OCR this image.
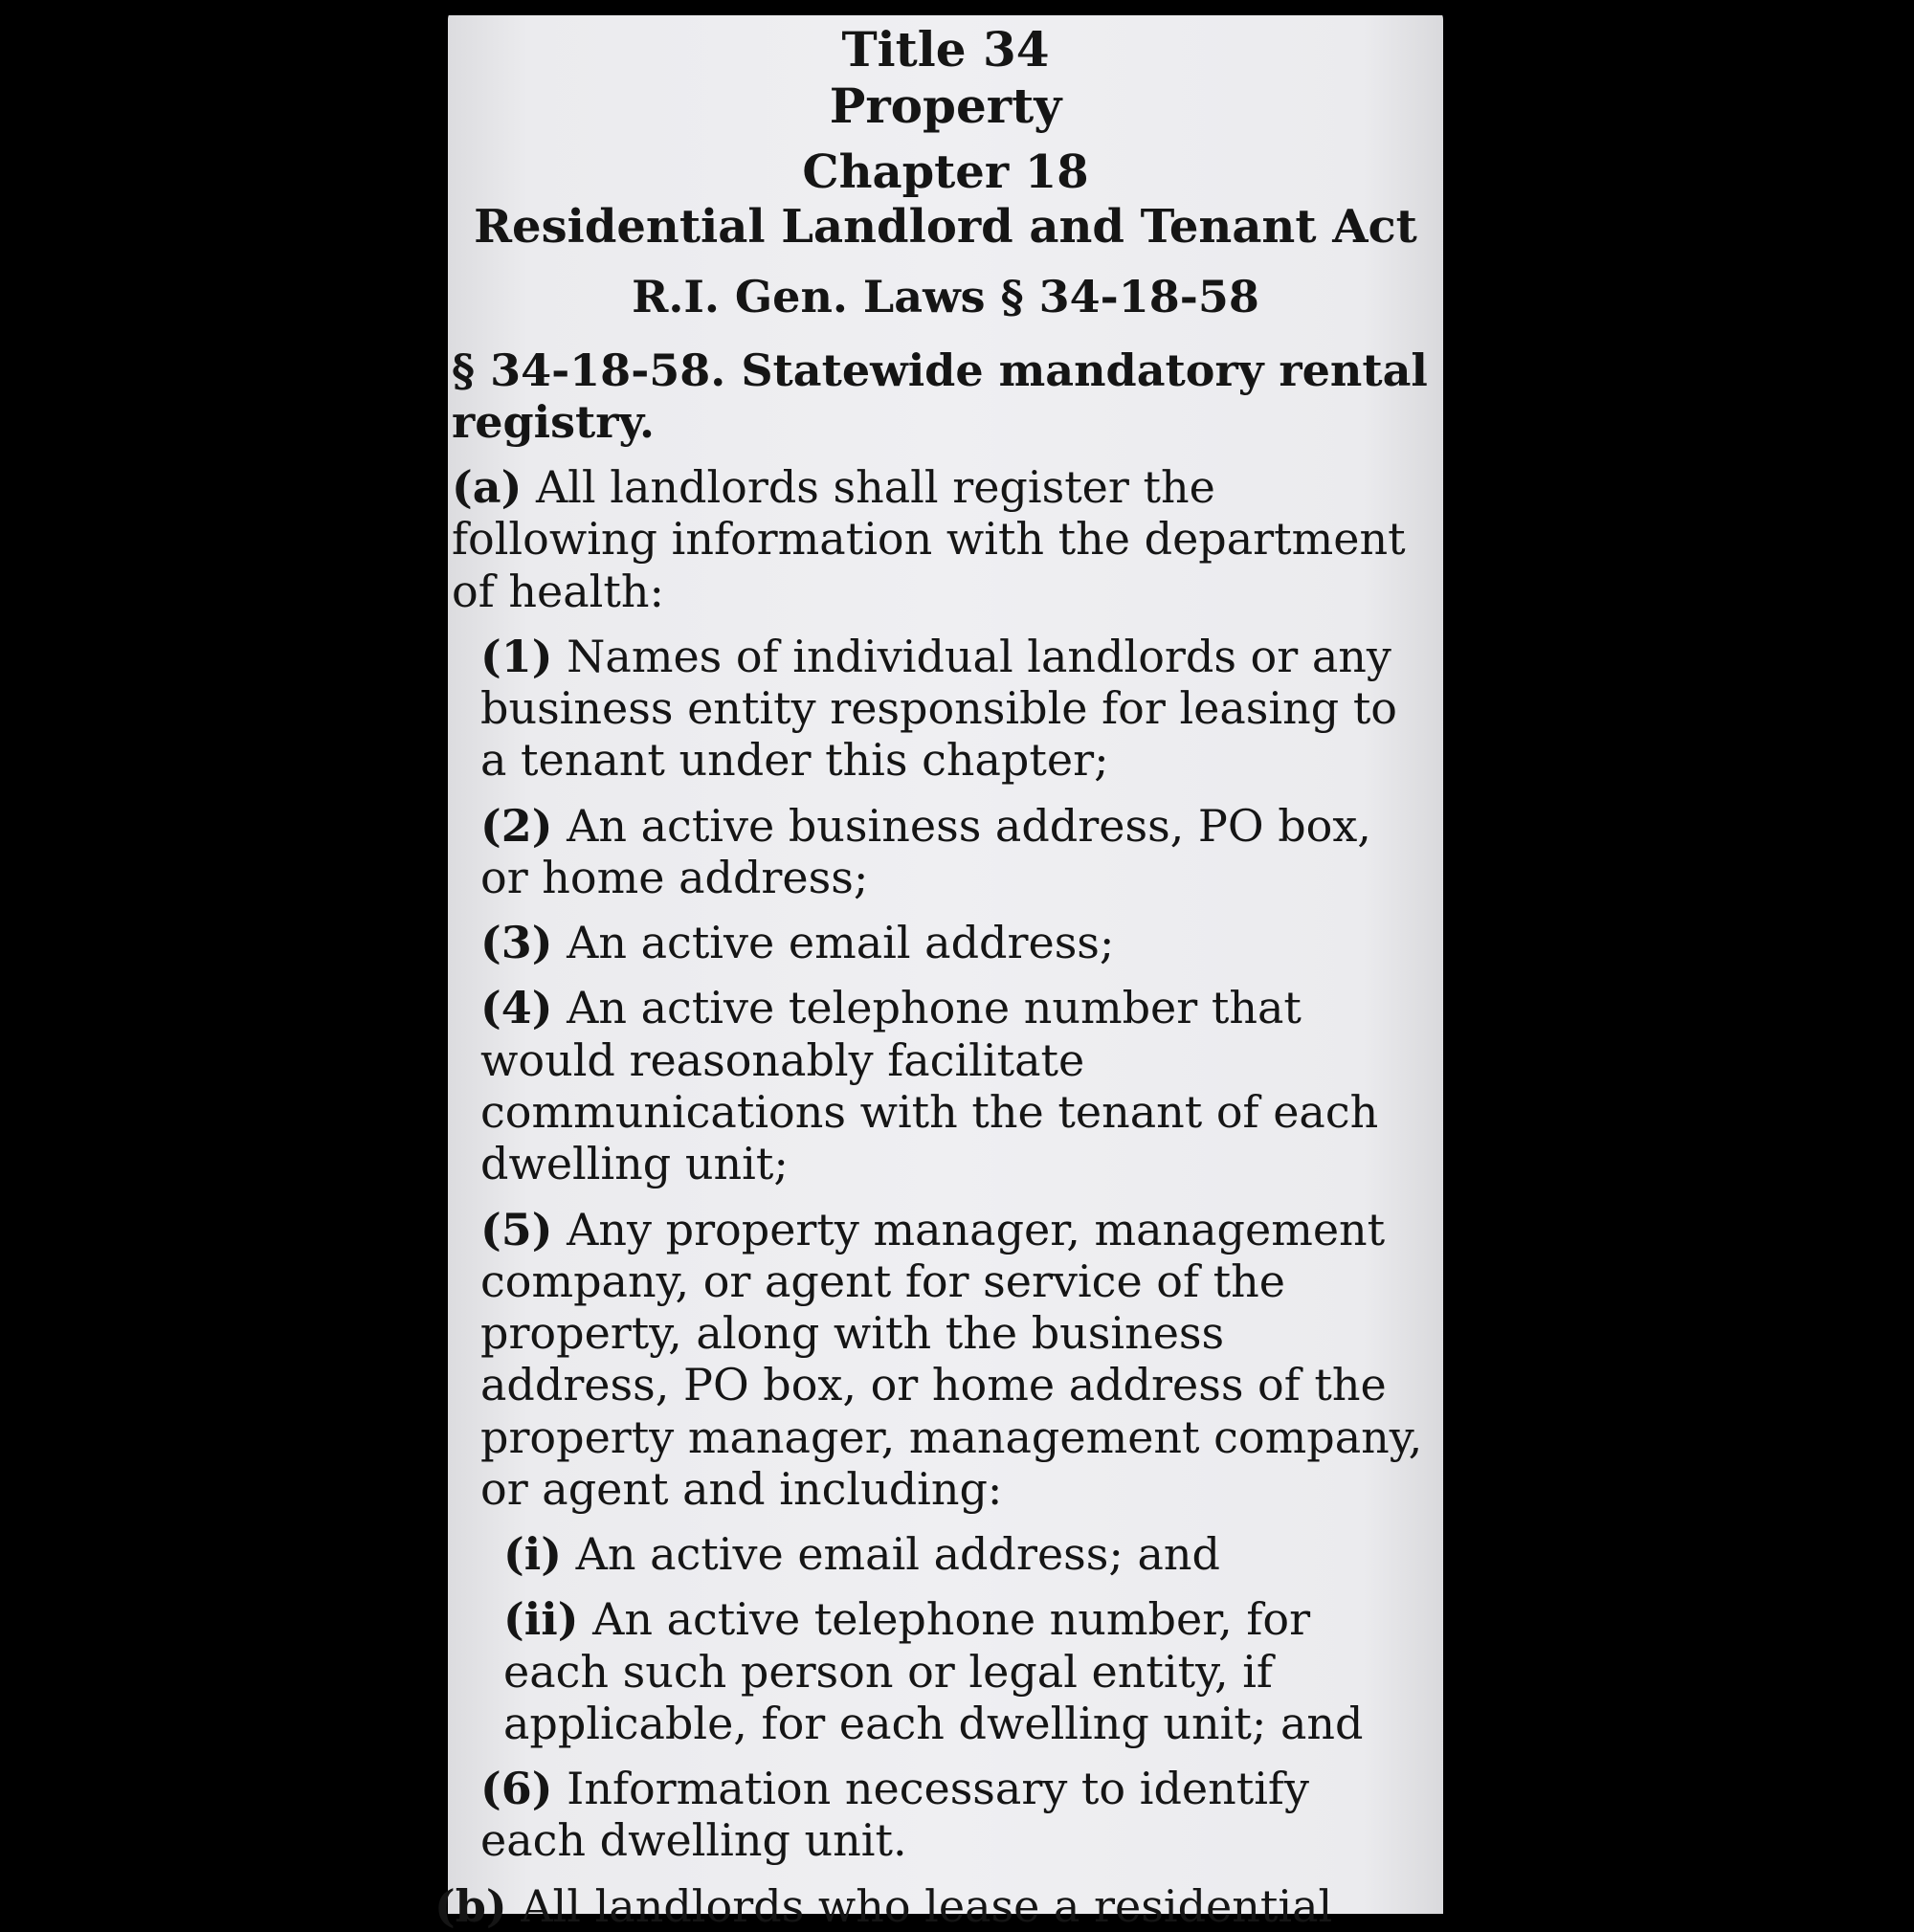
Title 34

Property

Chapter 18

Residential Landlord and Tenant Act

R.I. Gen. Laws § 34-18-58

§ 34-18-58. Statewide mandatory rental registry.

(a) All landlords shall register the following information with the department of health:

(1) Names of individual landlords or any business entity responsible for leasing to a tenant under this chapter;

(2) An active business address, PO box, or home address;

(3) An active email address;

(4) An active telephone number that would reasonably facilitate communications with the tenant of each dwelling unit;

(5) Any property manager, management company, or agent for service of the property, along with the business address, PO box, or home address of the property manager, management company, or agent and including:

(i) An active email address; and

(ii) An active telephone number, for each such person or legal entity, if applicable, for each dwelling unit; and

(6) Information necessary to identify each dwelling unit.

(b) All landlords who lease a residential
